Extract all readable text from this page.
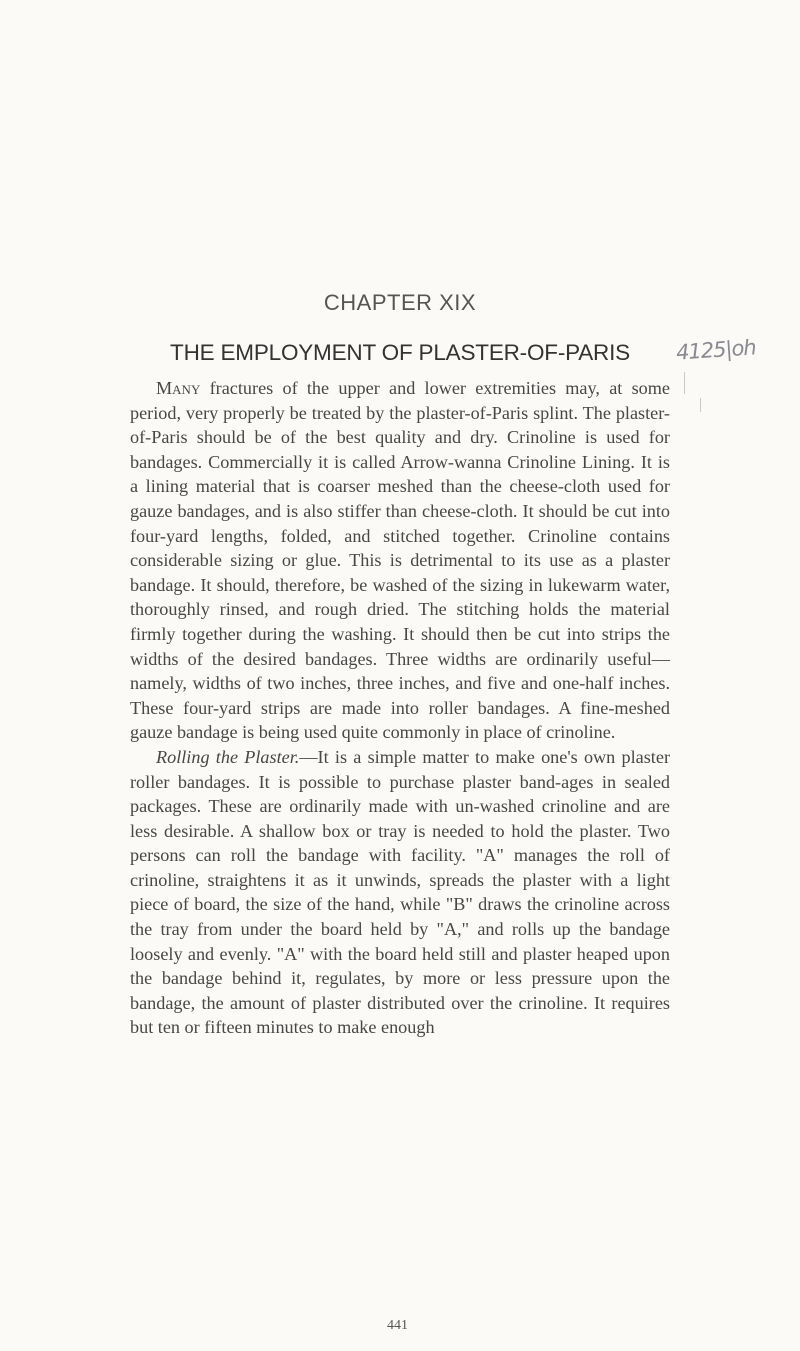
CHAPTER XIX
THE EMPLOYMENT OF PLASTER-OF-PARIS	4125|oh

Many fractures of the upper and lower extremities may, at some period, very properly be treated by the plaster-of-Paris splint. The plaster-of-Paris should be of the best quality and dry. Crinoline is used for bandages. Commercially it is called Arrow-wanna Crinoline Lining. It is a lining material that is coarser meshed than the cheese-cloth used for gauze bandages, and is also stiffer than cheese-cloth. It should be cut into four-yard lengths, folded, and stitched together. Crinoline contains considerable sizing or glue. This is detrimental to its use as a plaster bandage. It should, therefore, be washed of the sizing in lukewarm water, thoroughly rinsed, and rough dried. The stitching holds the material firmly together during the washing. It should then be cut into strips the widths of the desired bandages. Three widths are ordinarily useful—namely, widths of two inches, three inches, and five and one-half inches. These four-yard strips are made into roller bandages. A fine-meshed gauze bandage is being used quite commonly in place of crinoline.

Rolling the Plaster.—It is a simple matter to make one's own plaster roller bandages. It is possible to purchase plaster band-ages in sealed packages. These are ordinarily made with un-washed crinoline and are less desirable. A shallow box or tray is needed to hold the plaster. Two persons can roll the bandage with facility. "A" manages the roll of crinoline, straightens it as it unwinds, spreads the plaster with a light piece of board, the size of the hand, while "B" draws the crinoline across the tray from under the board held by "A," and rolls up the bandage loosely and evenly. "A" with the board held still and plaster heaped upon the bandage behind it, regulates, by more or less pressure upon the bandage, the amount of plaster distributed over the crinoline. It requires but ten or fifteen minutes to make enough

441
